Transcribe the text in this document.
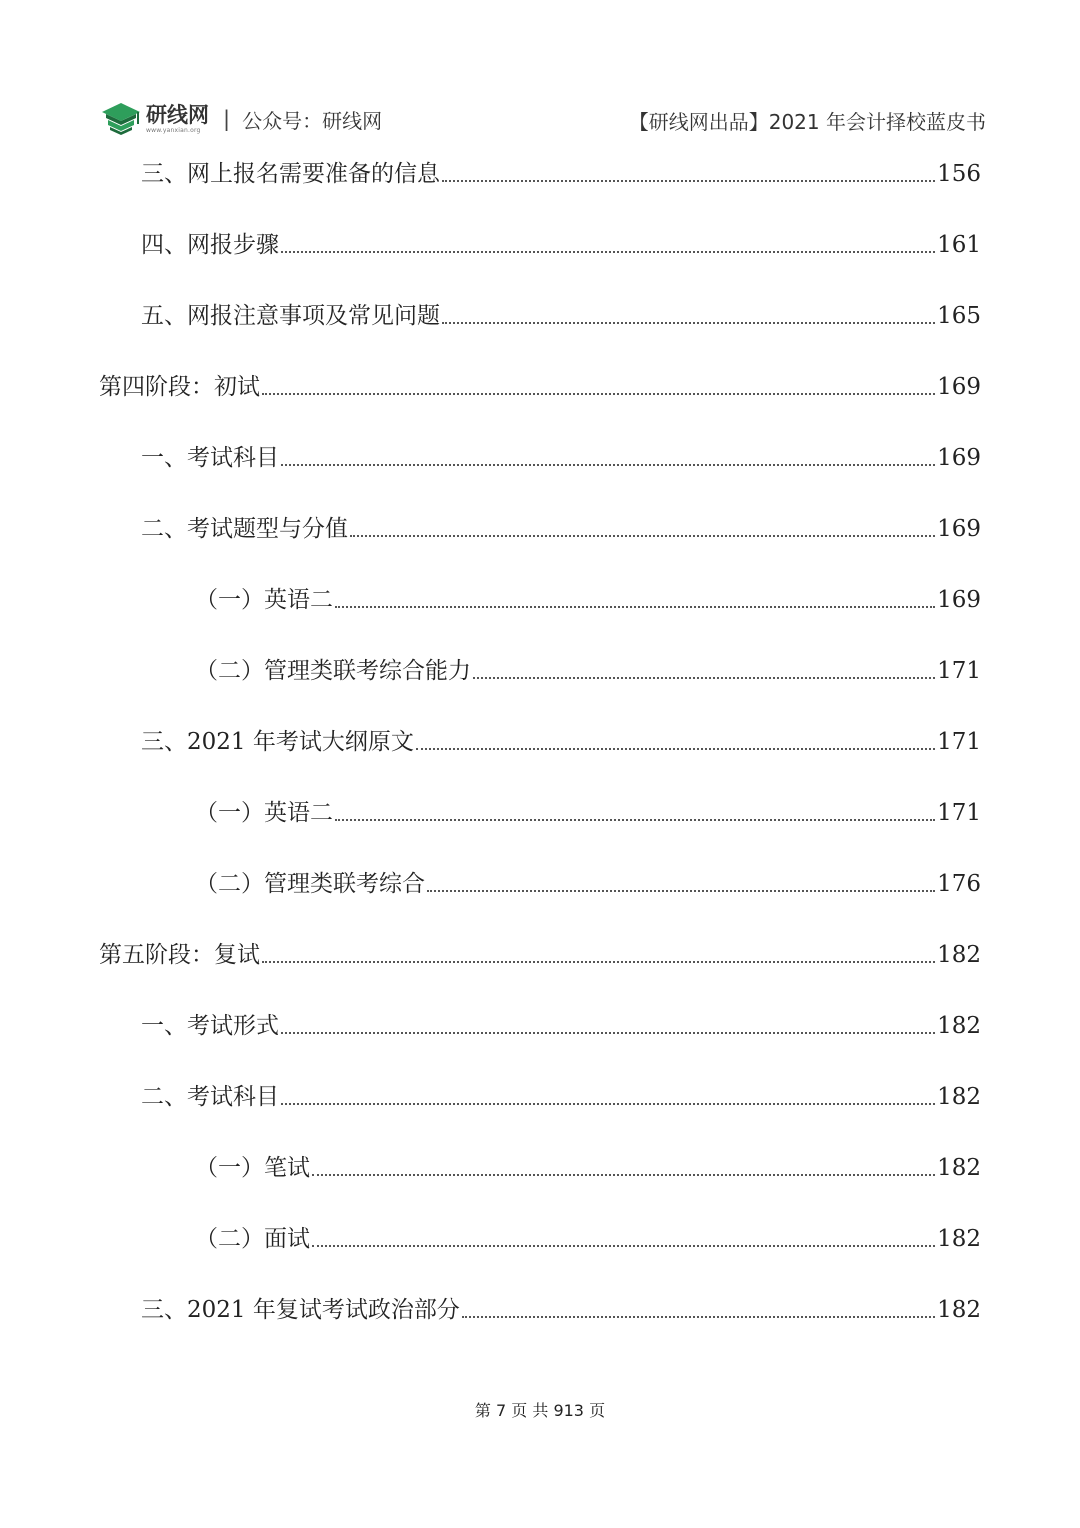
研线网
www.yanxian.org	| 公众号：研线网	【研线网出品】2021 年会计择校蓝皮书
三、网上报名需要准备的信息	156
四、网报步骤	161
五、网报注意事项及常见问题	165
第四阶段：初试	169
一、考试科目	169
二、考试题型与分值	169
（一）英语二	169
（二）管理类联考综合能力	171
三、2021 年考试大纲原文	171
（一）英语二	171
（二）管理类联考综合	176
第五阶段：复试	182
一、考试形式	182
二、考试科目	182
（一）笔试	182
（二）面试	182
三、2021 年复试考试政治部分	182
第 7 页 共 913 页
